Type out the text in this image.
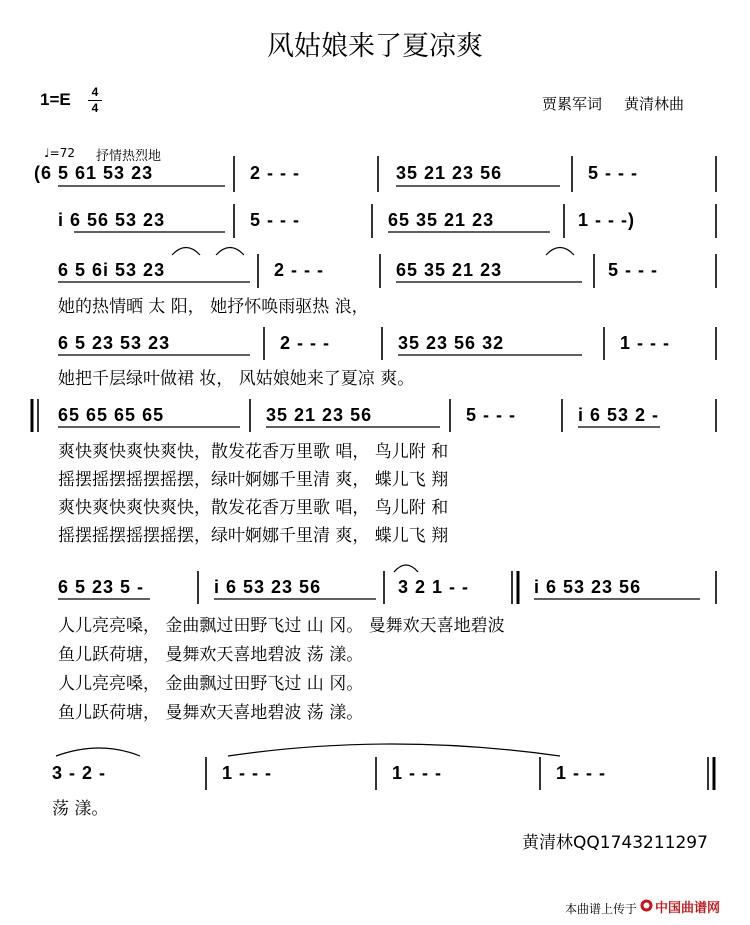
风姑娘来了夏凉爽
1=E	4
4	贾累军词 黄清林曲
♩=72 抒情热烈地
(6 5 61 53 23	2 - - -	35 21 23 56	5 - - -
i 6 56 53 23	5 - - -	65 35 21 23	1 - - -)
6 5 6i 53 23	2 - - -	65 35 21 23	5 - - -
她的热情晒 太 阳， 她抒怀唤雨驱热 浪，
6 5 23 53 23	2 - - -	35 23 56 32	1 - - -
她把千层绿叶做裙 妆， 风姑娘她来了夏凉 爽。
65 65 65 65	35 21 23 56	5 - - -	i 6 53 2 -
爽快爽快爽快爽快，散发花香万里歌 唱， 鸟儿附 和
摇摆摇摆摇摆摇摆，绿叶婀娜千里清 爽， 蝶儿飞 翔
爽快爽快爽快爽快，散发花香万里歌 唱， 鸟儿附 和
摇摆摇摆摇摆摇摆，绿叶婀娜千里清 爽， 蝶儿飞 翔
6 5 23 5 -	i 6 53 23 56	3 2 1 - -	i 6 53 23 56
人儿亮亮嗓， 金曲飘过田野飞过 山 冈。 曼舞欢天喜地碧波
鱼儿跃荷塘， 曼舞欢天喜地碧波 荡 漾。
人儿亮亮嗓， 金曲飘过田野飞过 山 冈。
鱼儿跃荷塘， 曼舞欢天喜地碧波 荡 漾。
3 - 2 -	1 - - -	1 - - -	1 - - -
荡 漾。
黄清林QQ1743211297
本曲谱上传于 中国曲谱网
